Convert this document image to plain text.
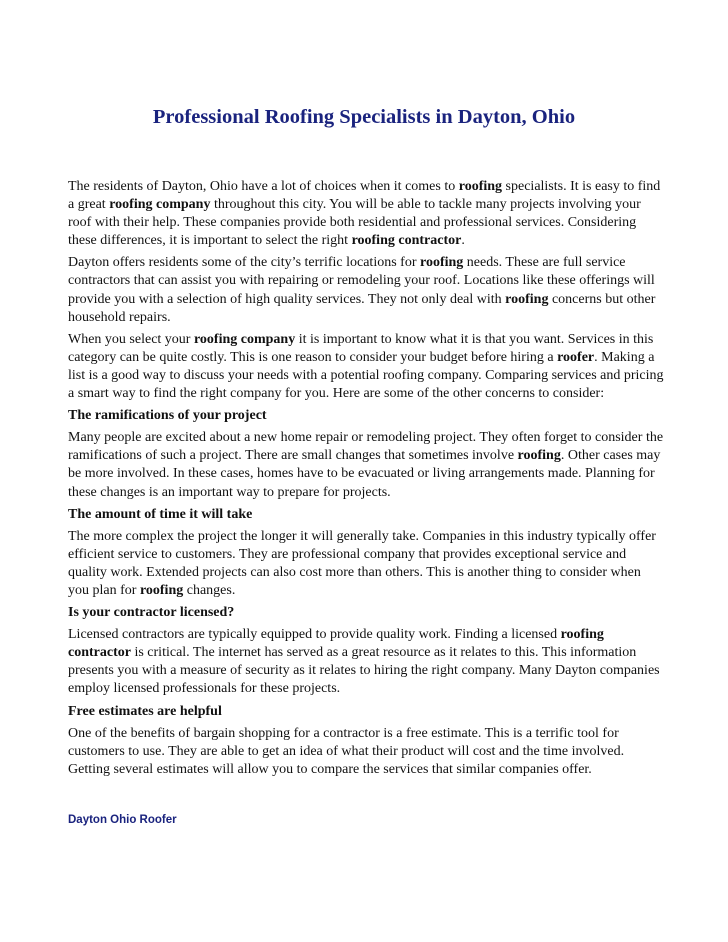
Professional Roofing Specialists in Dayton, Ohio

The residents of Dayton, Ohio have a lot of choices when it comes to roofing specialists. It is easy to find a great roofing company throughout this city. You will be able to tackle many projects involving your roof with their help. These companies provide both residential and professional services. Considering these differences, it is important to select the right roofing contractor.

Dayton offers residents some of the city’s terrific locations for roofing needs. These are full service contractors that can assist you with repairing or remodeling your roof. Locations like these offerings will provide you with a selection of high quality services. They not only deal with roofing concerns but other household repairs.

When you select your roofing company it is important to know what it is that you want. Services in this category can be quite costly. This is one reason to consider your budget before hiring a roofer. Making a list is a good way to discuss your needs with a potential roofing company. Comparing services and pricing a smart way to find the right company for you. Here are some of the other concerns to consider:

The ramifications of your project

Many people are excited about a new home repair or remodeling project. They often forget to consider the ramifications of such a project. There are small changes that sometimes involve roofing. Other cases may be more involved. In these cases, homes have to be evacuated or living arrangements made. Planning for these changes is an important way to prepare for projects.

The amount of time it will take

The more complex the project the longer it will generally take. Companies in this industry typically offer efficient service to customers. They are professional company that provides exceptional service and quality work. Extended projects can also cost more than others. This is another thing to consider when you plan for roofing changes.

Is your contractor licensed?

Licensed contractors are typically equipped to provide quality work. Finding a licensed roofing contractor is critical. The internet has served as a great resource as it relates to this. This information presents you with a measure of security as it relates to hiring the right company. Many Dayton companies employ licensed professionals for these projects.

Free estimates are helpful

One of the benefits of bargain shopping for a contractor is a free estimate. This is a terrific tool for customers to use. They are able to get an idea of what their product will cost and the time involved. Getting several estimates will allow you to compare the services that similar companies offer.

Dayton Ohio Roofer
